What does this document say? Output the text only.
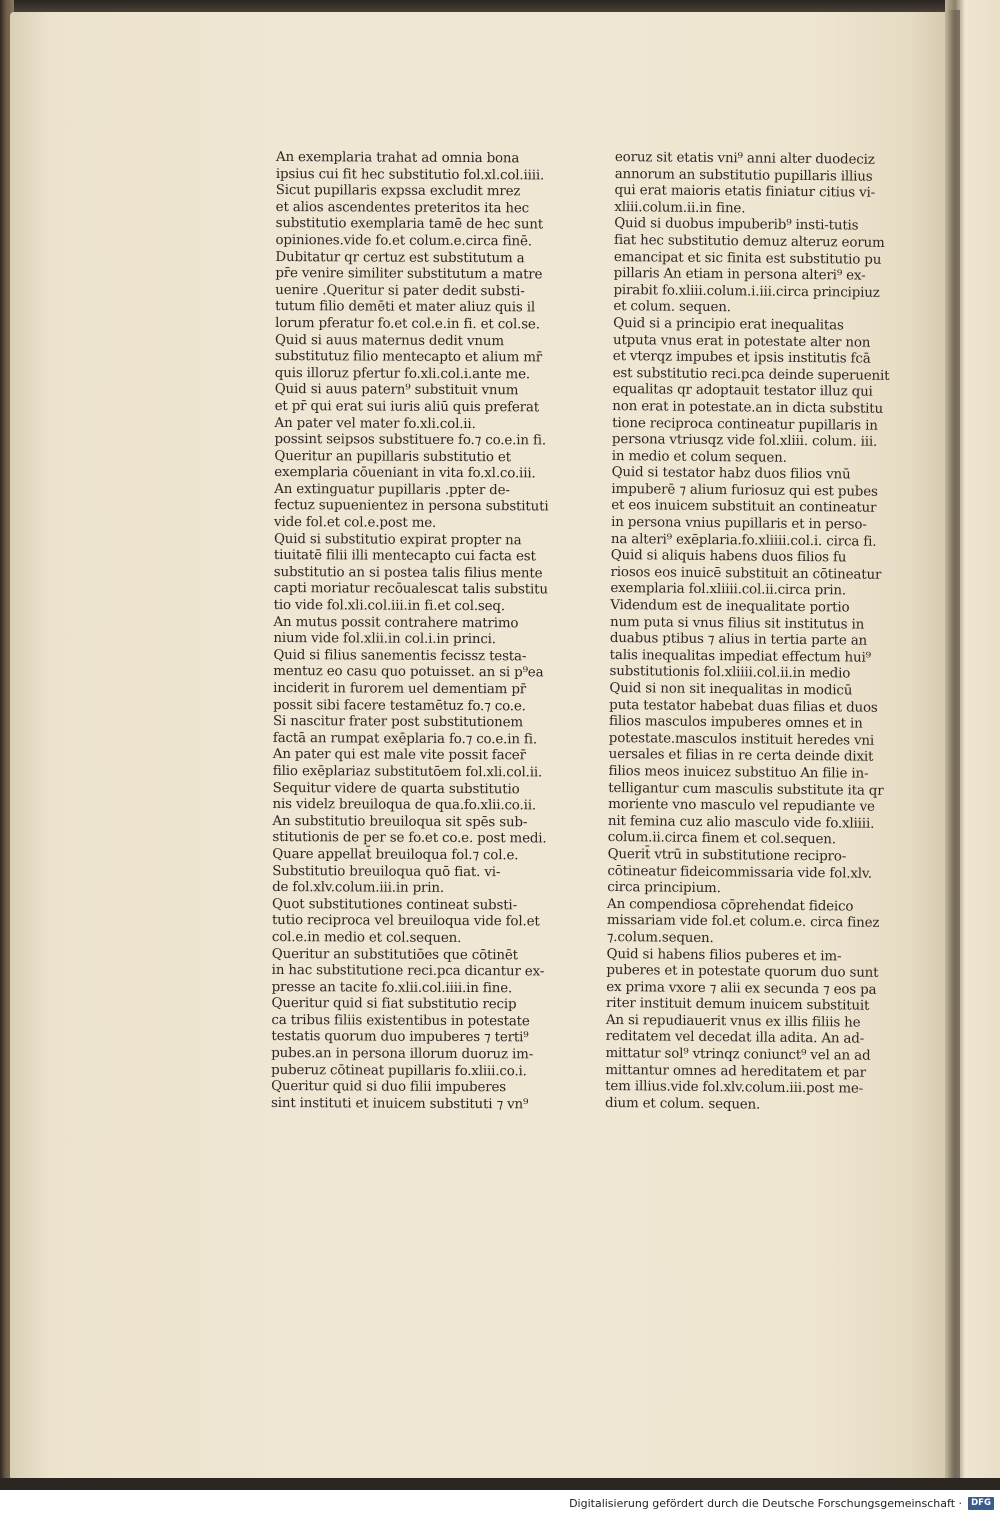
An exemplaria trahat ad omnia bona
ipsius cui fit hec substitutio fol.xl.col.iiii.
Sicut pupillaris expssa excludit mrez
et alios ascendentes preteritos ita hec
substitutio exemplaria tamē de hec sunt
opiniones.vide fo.et colum.e.circa finē.
Dubitatur qr certuz est substitutum a
pr̄e venire similiter substitutum a matre
uenire .Queritur si pater dedit substi-
tutum filio demēti et mater aliuz quis il
lorum pferatur fo.et col.e.in fi. et col.se.
Quid si auus maternus dedit vnum
substitutuz filio mentecapto et alium mr̄
quis illoruz pfertur fo.xli.col.i.ante me.
Quid si auus patern⁹ substituit vnum
et pr̄ qui erat sui iuris aliū quis preferat
An pater vel mater fo.xli.col.ii.
possint seipsos substituere fo.⁊ co.e.in fi.
Queritur an pupillaris substitutio et
exemplaria cōueniant in vita fo.xl.co.iii.
An extinguatur pupillaris .ppter de-
fectuz supuenientez in persona substituti
vide fol.et col.e.post me.
Quid si substitutio expirat propter na
tiuitatē filii illi mentecapto cui facta est
substitutio an si postea talis filius mente
capti moriatur recōualescat talis substitu
tio vide fol.xli.col.iii.in fi.et col.seq.
An mutus possit contrahere matrimo
nium vide fol.xlii.in col.i.in princi.
Quid si filius sanementis fecissz testa-
mentuz eo casu quo potuisset. an si p⁹ea
inciderit in furorem uel dementiam pr̄
possit sibi facere testamētuz fo.⁊ co.e.
Si nascitur frater post substitutionem
factā an rumpat exēplaria fo.⁊ co.e.in fi.
An pater qui est male vite possit facer̄
filio exēplariaz substitutōem fol.xli.col.ii.
Sequitur videre de quarta substitutio
nis videlz breuiloqua de qua.fo.xlii.co.ii.
An substitutio breuiloqua sit spēs sub-
stitutionis de per se fo.et co.e. post medi.
Quare appellat̄ breuiloqua fol.⁊ col.e.
Substitutio breuiloqua quō fiat. vi-
de fol.xlv.colum.iii.in prin.
Quot substitutiones contineat substi-
tutio reciproca vel breuiloqua vide fol.et
col.e.in medio et col.sequen.
Queritur an substitutiōes que cōtinēt
in hac substitutione reci.pca dicantur ex-
presse an tacite fo.xlii.col.iiii.in fine.
Queritur quid si fiat substitutio recip
ca tribus filiis existentibus in potestate
testatis quorum duo impuberes ⁊ terti⁹
pubes.an in persona illorum duoruz im-
puberuz cōtineat pupillaris fo.xliii.co.i.
Queritur quid si duo filii impuberes
sint instituti et inuicem substituti ⁊ vn⁹
eoruz sit etatis vni⁹ anni alter duodeciz
annorum an substitutio pupillaris illius
qui erat maioris etatis finiatur citius vi-
xliii.colum.ii.in fine.
Quid si duobus impuberib⁹ insti-tutis
fiat hec substitutio demuz alteruz eorum
emancipat et sic finita est substitutio pu
pillaris An etiam in persona alteri⁹ ex-
pirabit fo.xliii.colum.i.iii.circa principiuz
et colum. sequen.
Quid si a principio erat inequalitas
utputa vnus erat in potestate alter non
et vterqz impubes et ipsis institutis fcā
est substitutio reci.pca deinde superuenit
equalitas qr adoptauit testator illuz qui
non erat in potestate.an in dicta substitu
tione reciproca contineatur pupillaris in
persona vtriusqz vide fol.xliii. colum. iii.
in medio et colum sequen.
Quid si testator habz duos filios vnū
impuberē ⁊ alium furiosuz qui est pubes
et eos inuicem substituit an contineatur
in persona vnius pupillaris et in perso-
na alteri⁹ exēplaria.fo.xliiii.col.i. circa fi.
Quid si aliquis habens duos filios fu
riosos eos inuicē substituit an cōtineatur
exemplaria fol.xliiii.col.ii.circa prin.
Videndum est de inequalitate portio
num puta si vnus filius sit institutus in
duabus ptibus ⁊ alius in tertia parte an
talis inequalitas impediat effectum hui⁹
substitutionis fol.xliiii.col.ii.in medio
Quid si non sit inequalitas in modicū
puta testator habebat duas filias et duos
filios masculos impuberes omnes et in
potestate.masculos instituit heredes vni
uersales et filias in re certa deinde dixit
filios meos inuicez substituo An filie in-
telligantur cum masculis substitute ita qr
moriente vno masculo vel repudiante ve
nit femina cuz alio masculo vide fo.xliiii.
colum.ii.circa finem et col.sequen.
Querit̄ vtrū in substitutione recipro-
cōtineatur fideicommissaria vide fol.xlv.
circa principium.
An compendiosa cōprehendat fideico
missariam vide fol.et colum.e. circa finez
⁊.colum.sequen.
Quid si habens filios puberes et im-
puberes et in potestate quorum duo sunt
ex prima vxore ⁊ alii ex secunda ⁊ eos pa
riter instituit demum inuicem substituit
An si repudiauerit vnus ex illis filiis he
reditatem vel decedat illa adita. An ad-
mittatur sol⁹ vtrinqz coniunct⁹ vel an ad
mittantur omnes ad hereditatem et par
tem illius.vide fol.xlv.colum.iii.post me-
dium et colum. sequen.
Digitalisierung gefördert durch die Deutsche Forschungsgemeinschaft ·	DFG
